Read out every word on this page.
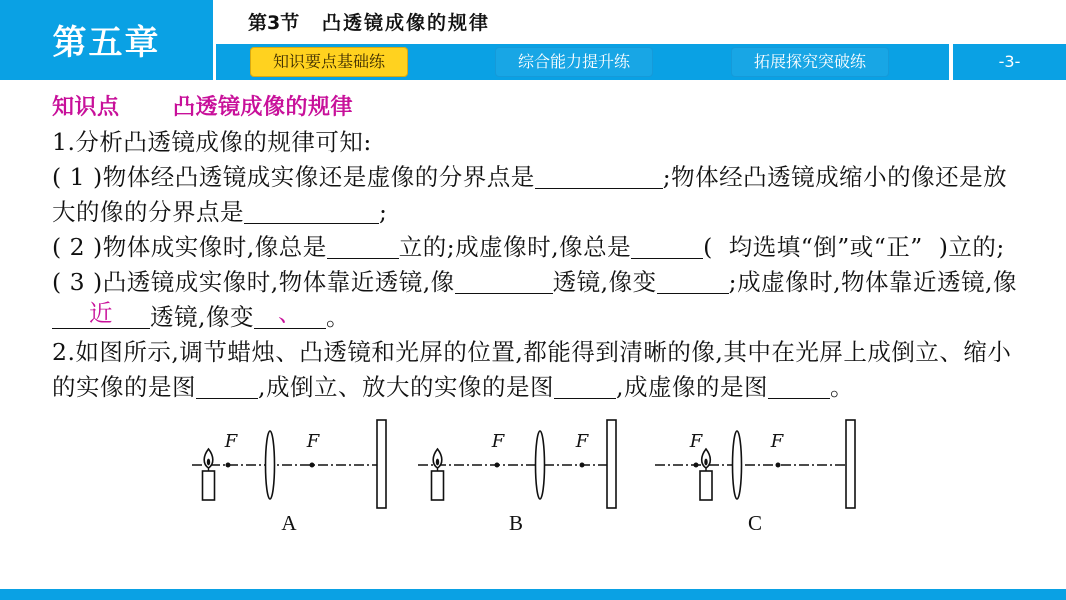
第五章	第3节 凸透镜成像的规律
知识要点基础练	综合能力提升练	拓展探究突破练	-3-
知识点 凸透镜成像的规律
1.分析凸透镜成像的规律可知:
( 1 )物体经凸透镜成实像还是虚像的分界点是	;物体经凸透镜成缩小的像还是放
大的像的分界点是	;
( 2 )物体成实像时,像总是	立的;成虚像时,像总是	(  均选填“倒”或“正”  )立的;
( 3 )凸透镜成实像时,物体靠近透镜,像	透镜,像变	;成虚像时,物体靠近透镜,像
近	透镜,像变	、	。
2.如图所示,调节蜡烛、凸透镜和光屏的位置,都能得到清晰的像,其中在光屏上成倒立、缩小
的实像的是图	,成倒立、放大的实像的是图	,成虚像的是图	。
F	F
A
F	F
B
F	F
C
